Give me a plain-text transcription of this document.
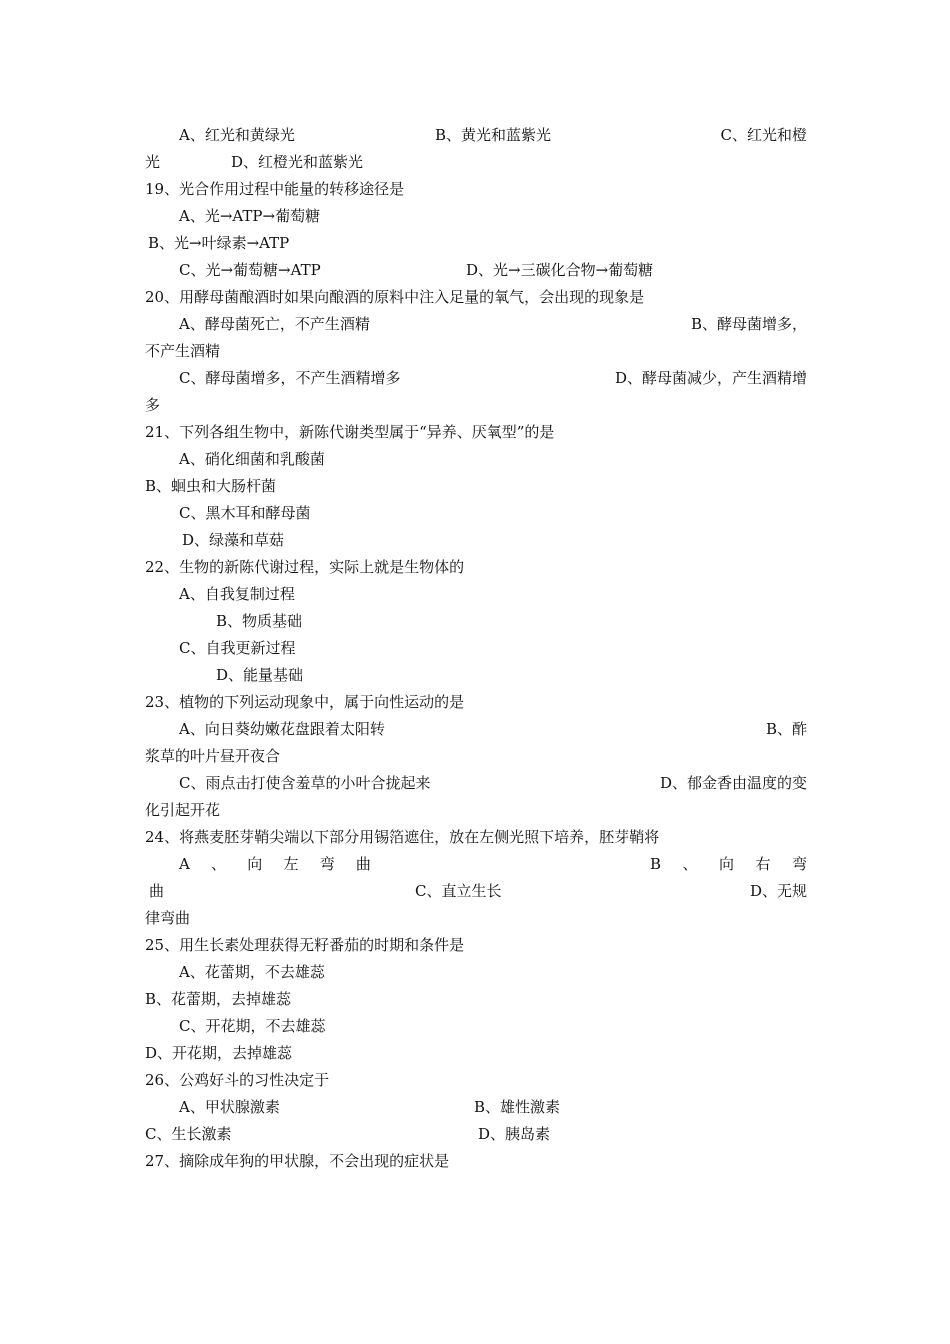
A、红光和黄绿光	B、黄光和蓝紫光	C、红光和橙
光	D、红橙光和蓝紫光
19、光合作用过程中能量的转移途径是
A、光→ATP→葡萄糖
B、光→叶绿素→ATP
C、光→葡萄糖→ATP	D、光→三碳化合物→葡萄糖
20、用酵母菌酿酒时如果向酿酒的原料中注入足量的氧气，会出现的现象是
A、酵母菌死亡，不产生酒精	B、酵母菌增多，
不产生酒精
C、酵母菌增多，不产生酒精增多	D、酵母菌减少，产生酒精增
多
21、下列各组生物中，新陈代谢类型属于“异养、厌氧型”的是
A、硝化细菌和乳酸菌
B、蛔虫和大肠杆菌
C、黑木耳和酵母菌
D、绿藻和草菇
22、生物的新陈代谢过程，实际上就是生物体的
A、自我复制过程
B、物质基础
C、自我更新过程
D、能量基础
23、植物的下列运动现象中，属于向性运动的是
A、向日葵幼嫩花盘跟着太阳转	B、酢
浆草的叶片昼开夜合
C、雨点击打使含羞草的小叶合拢起来	D、郁金香由温度的变
化引起开花
24、将燕麦胚芽鞘尖端以下部分用锡箔遮住，放在左侧光照下培养，胚芽鞘将
A 、 向 左 弯 曲	B 、 向 右 弯
曲	C、直立生长	D、无规
律弯曲
25、用生长素处理获得无籽番茄的时期和条件是
A、花蕾期，不去雄蕊
B、花蕾期，去掉雄蕊
C、开花期，不去雄蕊
D、开花期，去掉雄蕊
26、公鸡好斗的习性决定于
A、甲状腺激素	B、雄性激素
C、生长激素	D、胰岛素
27、摘除成年狗的甲状腺，不会出现的症状是
